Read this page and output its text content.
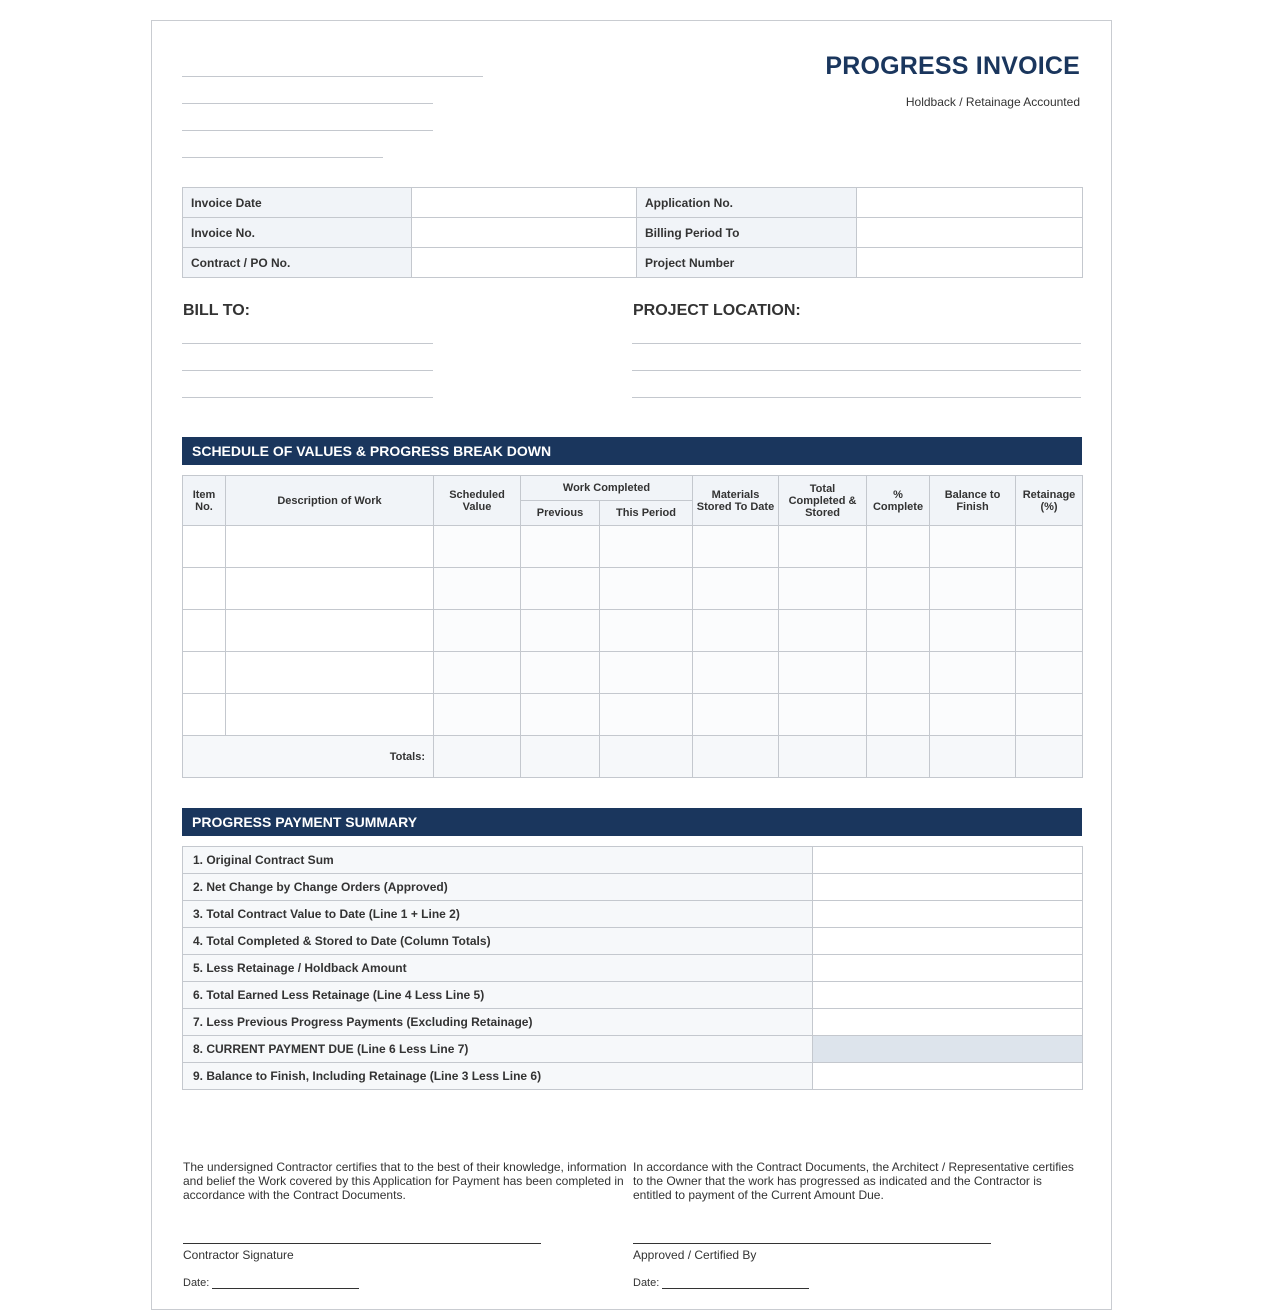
PROGRESS INVOICE
Holdback / Retainage Accounted
Invoice Date		Application No.	
Invoice No.		Billing Period To	
Contract / PO No.		Project Number	
BILL TO:	PROJECT LOCATION:
SCHEDULE OF VALUES & PROGRESS BREAK DOWN
Item No.	Description of Work	Scheduled Value	Work Completed		Materials Stored To Date	Total Completed & Stored	% Complete	Balance to Finish	Retainage (%)
			Previous	This Period					

Totals:									
PROGRESS PAYMENT SUMMARY
1. Original Contract Sum	
2. Net Change by Change Orders (Approved)	
3. Total Contract Value to Date (Line 1 + Line 2)	
4. Total Completed & Stored to Date (Column Totals)	
5. Less Retainage / Holdback Amount	
6. Total Earned Less Retainage (Line 4 Less Line 5)	
7. Less Previous Progress Payments (Excluding Retainage)	
8. CURRENT PAYMENT DUE (Line 6 Less Line 7)	
9. Balance to Finish, Including Retainage (Line 3 Less Line 6)	
The undersigned Contractor certifies that to the best of their knowledge, information and belief the Work covered by this Application for Payment has been completed in accordance with the Contract Documents.
In accordance with the Contract Documents, the Architect / Representative certifies to the Owner that the work has progressed as indicated and the Contractor is entitled to payment of the Current Amount Due.
Contractor Signature
Date:
Approved / Certified By
Date:
